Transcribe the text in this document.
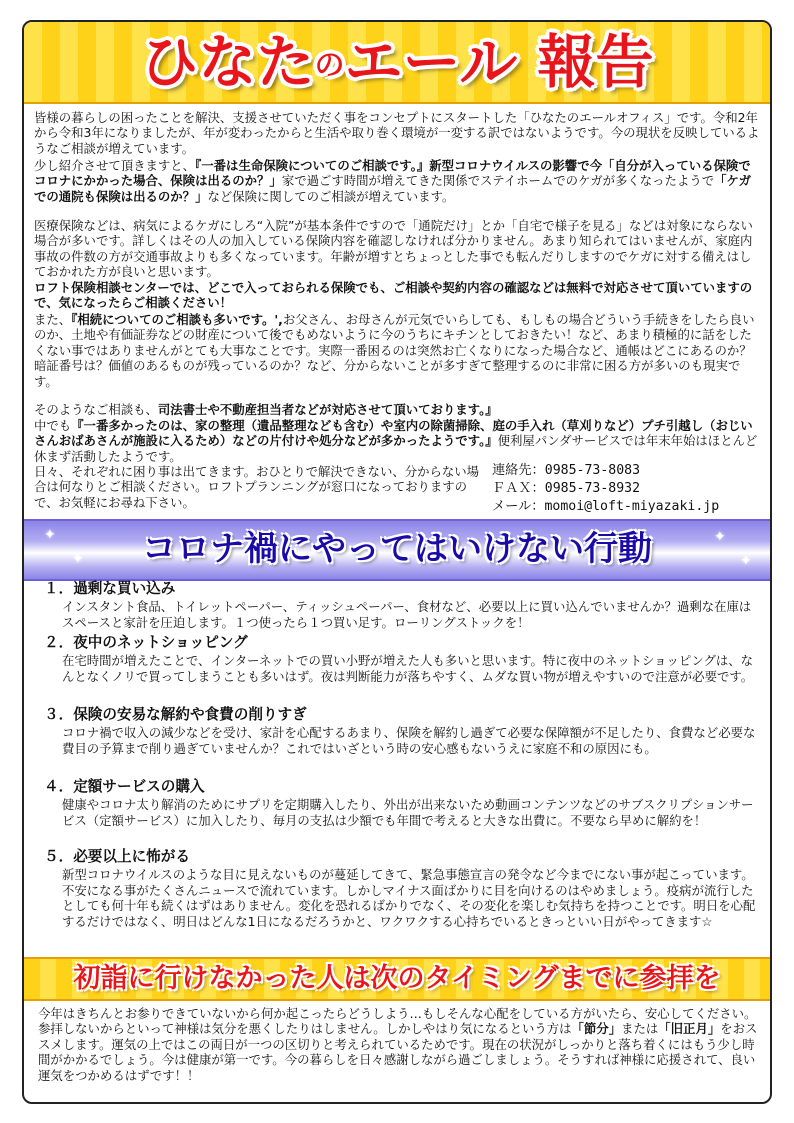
ひなたのエール 報告

皆様の暮らしの困ったことを解決、支援させていただく事をコンセプトにスタートした「ひなたのエールオフィス」です。令和2年から令和3年になりましたが、年が変わったからと生活や取り巻く環境が一変する訳ではないようです。今の現状を反映しているようなご相談が増えています。

少し紹介させて頂きますと、『一番は生命保険についてのご相談です。』新型コロナウイルスの影響で今「自分が入っている保険でコロナにかかった場合、保険は出るのか？」家で過ごす時間が増えてきた関係でステイホームでのケガが多くなったようで「ケガでの通院も保険は出るのか？」など保険に関してのご相談が増えています。

医療保険などは、病気によるケガにしろ“入院”が基本条件ですので「通院だけ」とか「自宅で様子を見る」などは対象にならない場合が多いです。詳しくはその人の加入している保険内容を確認しなければ分かりません。あまり知られてはいませんが、家庭内事故の件数の方が交通事故よりも多くなっています。年齢が増すとちょっとした事でも転んだりしますのでケガに対する備えはしておかれた方が良いと思います。

ロフト保険相談センターでは、どこで入っておられる保険でも、ご相談や契約内容の確認などは無料で対応させて頂いていますので、気になったらご相談ください！

また、『相続についてのご相談も多いです。',お父さん、お母さんが元気でいらしても、もしもの場合どういう手続きをしたら良いのか、土地や有価証券などの財産について後でもめないように今のうちにキチンとしておきたい！など、あまり積極的に話をしたくない事ではありませんがとても大事なことです。実際一番困るのは突然お亡くなりになった場合など、通帳はどこにあるのか？暗証番号は？価値のあるものが残っているのか？など、分からないことが多すぎて整理するのに非常に困る方が多いのも現実です。

そのようなご相談も、司法書士や不動産担当者などが対応させて頂いております。』

中でも『一番多かったのは、家の整理（遺品整理なども含む）や室内の除菌掃除、庭の手入れ（草刈りなど）プチ引越し（おじいさんおばあさんが施設に入るため）などの片付けや処分などが多かったようです。』便利屋パンダサービスでは年末年始はほとんど休まず活動したようです。

日々、それぞれに困り事は出てきます。おひとりで解決できない、分からない場合は何なりとご相談ください。ロフトプランニングが窓口になっておりますので、お気軽にお尋ね下さい。

連絡先：0985-73-8083
ＦＡＸ：0985-73-8932
メール：momoi@loft-miyazaki.jp
✦
✦
✦
✦
コロナ禍にやってはいけない行動
１．過剰な買い込み

インスタント食品、トイレットペーパー、ティッシュペーパー、食材など、必要以上に買い込んでいませんか？過剰な在庫はスペースと家計を圧迫します。１つ使ったら１つ買い足す。ローリングストックを！

２．夜中のネットショッピング

在宅時間が増えたことで、インターネットでの買い小野が増えた人も多いと思います。特に夜中のネットショッピングは、なんとなくノリで買ってしまうことも多いはず。夜は判断能力が落ちやすく、ムダな買い物が増えやすいので注意が必要です。

３．保険の安易な解約や食費の削りすぎ

コロナ禍で収入の減少などを受け、家計を心配するあまり、保険を解約し過ぎて必要な保障額が不足したり、食費など必要な費目の予算まで削り過ぎていませんか？これではいざという時の安心感もないうえに家庭不和の原因にも。

４．定額サービスの購入

健康やコロナ太り解消のためにサプリを定期購入したり、外出が出来ないため動画コンテンツなどのサブスクリプションサービス（定額サービス）に加入したり、毎月の支払は少額でも年間で考えると大きな出費に。不要なら早めに解約を！

５．必要以上に怖がる

新型コロナウイルスのような目に見えないものが蔓延してきて、緊急事態宣言の発令など今までにない事が起こっています。不安になる事がたくさんニュースで流れています。しかしマイナス面ばかりに目を向けるのはやめましょう。疫病が流行したとしても何十年も続くはずはありません。変化を恐れるばかりでなく、その変化を楽しむ気持ちを持つことです。明日を心配するだけではなく、明日はどんな1日になるだろうかと、ワクワクする心持ちでいるときっといい日がやってきます☆

初詣に行けなかった人は次のタイミングまでに参拝を

今年はきちんとお参りできていないから何か起こったらどうしよう…もしそんな心配をしている方がいたら、安心してください。参拝しないからといって神様は気分を悪くしたりはしません。しかしやはり気になるという方は「節分」または「旧正月」をおススメします。運気の上ではこの両日が一つの区切りと考えられているためです。現在の状況がしっかりと落ち着くにはもう少し時間がかかるでしょう。今は健康が第一です。今の暮らしを日々感謝しながら過ごしましょう。そうすれば神様に応援されて、良い運気をつかめるはずです！！
